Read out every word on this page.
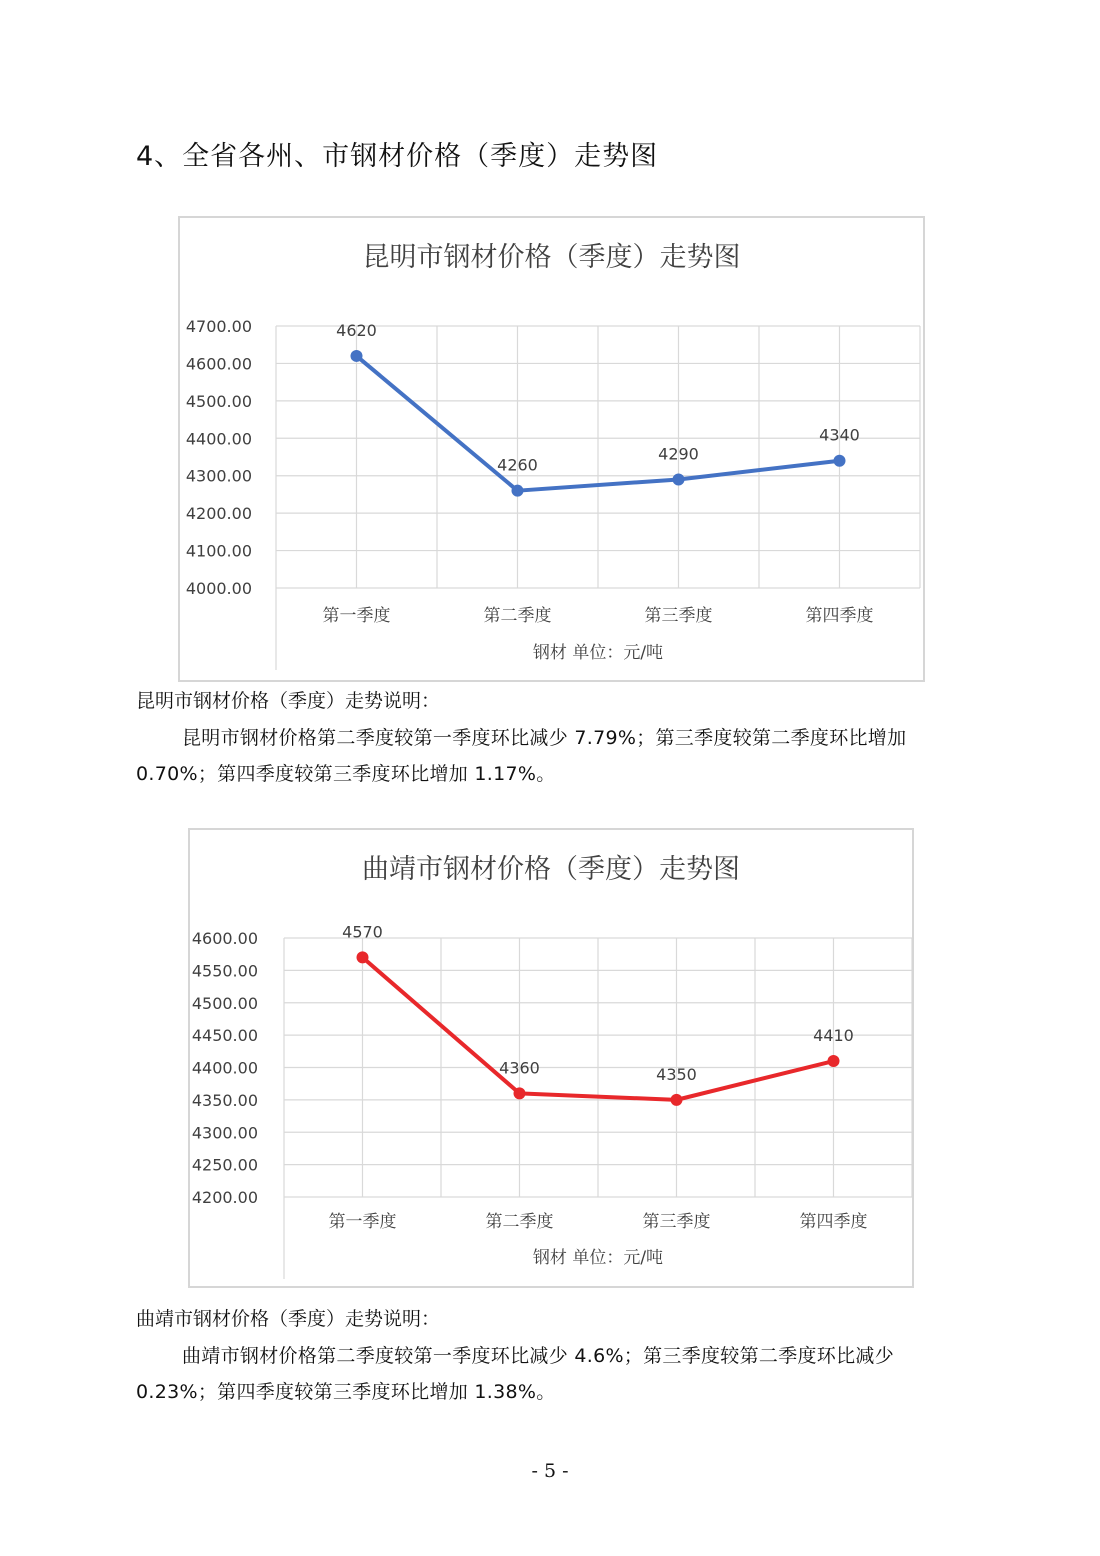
4、全省各州、市钢材价格（季度）走势图
昆明市钢材价格（季度）走势图
4000.00
4100.00
4200.00
4300.00
4400.00
4500.00
4600.00
4700.00
第一季度	第二季度	第三季度	第四季度
钢材 单位：元/吨
4620
4260
4290
4340

昆明市钢材价格（季度）走势说明：

昆明市钢材价格第二季度较第一季度环比减少 7.79%；第三季度较第二季度环比增加 0.70%；第四季度较第三季度环比增加 1.17%。

曲靖市钢材价格（季度）走势图
4200.00
4250.00
4300.00
4350.00
4400.00
4450.00
4500.00
4550.00
4600.00
第一季度	第二季度	第三季度	第四季度
钢材 单位：元/吨
4570
4360	4350
4410

曲靖市钢材价格（季度）走势说明：

曲靖市钢材价格第二季度较第一季度环比减少 4.6%；第三季度较第二季度环比减少 0.23%；第四季度较第三季度环比增加 1.38%。

- 5 -
